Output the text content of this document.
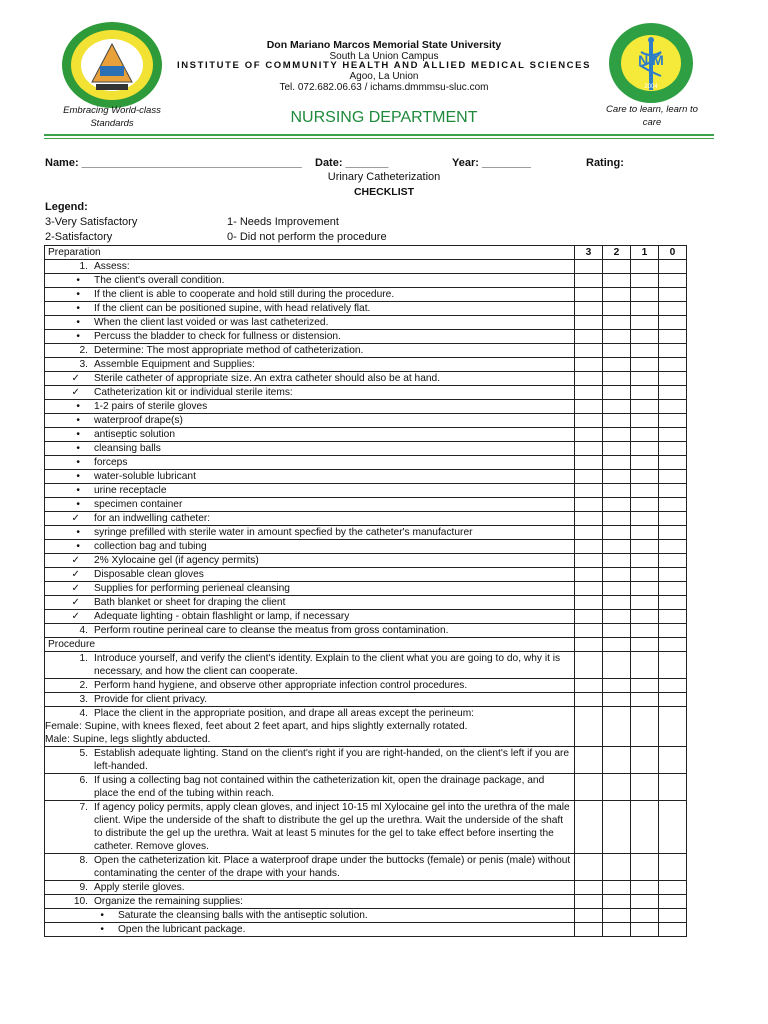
Embracing World-class Standards
N M
2004
Care to learn, learn to care
Don Mariano Marcos Memorial State University
South La Union Campus
INSTITUTE OF COMMUNITY HEALTH AND ALLIED MEDICAL SCIENCES
Agoo, La Union
Tel. 072.682.06.63 / ichams.dmmmsu-sluc.com
NURSING DEPARTMENT
Name: ____________________________________ Date: _______	Year: ________	Rating:
Urinary Catheterization
CHECKLIST
Legend:
3-Very Satisfactory	1- Needs Improvement
2-Satisfactory	0- Did not perform the procedure
Preparation	3	2	1	0

1. Assess:				

• The client's overall condition.				

• If the client is able to cooperate and hold still during the procedure.				

• If the client can be positioned supine, with head relatively flat.				

• When the client last voided or was last catheterized.				

• Percuss the bladder to check for fullness or distension.				

2. Determine: The most appropriate method of catheterization.				

3. Assemble Equipment and Supplies:				

✓ Sterile catheter of appropriate size. An extra catheter should also be at hand.				

✓ Catheterization kit or individual sterile items:				

• 1-2 pairs of sterile gloves				

• waterproof drape(s)				

• antiseptic solution				

• cleansing balls				

• forceps				

• water-soluble lubricant				

• urine receptacle				

• specimen container				

✓ for an indwelling catheter:				

• syringe prefilled with sterile water in amount specfied by the catheter's manufacturer				

• collection bag and tubing				

✓ 2% Xylocaine gel (if agency permits)				

✓ Disposable clean gloves				

✓ Supplies for performing perieneal cleansing				

✓ Bath blanket or sheet for draping the client				

✓ Adequate lighting - obtain flashlight or lamp, if necessary				

4. Perform routine perineal care to cleanse the meatus from gross contamination.				

Procedure				

1. Introduce yourself, and verify the client's identity. Explain to the client what you are going to do, why it is necessary, and how the client can cooperate.				

2. Perform hand hygiene, and observe other appropriate infection control procedures.				

3. Provide for client privacy.				

4. Place the client in the appropriate position, and drape all areas except the perineum:
Female: Supine, with knees flexed, feet about 2 feet apart, and hips slightly externally rotated.
Male: Supine, legs slightly abducted.				

5. Establish adequate lighting. Stand on the client's right if you are right-handed, on the client's left if you are left-handed.				

6. If using a collecting bag not contained within the catheterization kit, open the drainage package, and place the end of the tubing within reach.				

7. If agency policy permits, apply clean gloves, and inject 10-15 ml Xylocaine gel into the urethra of the male client. Wipe the underside of the shaft to distribute the gel up the urethra. Wait the underside of the shaft to distribute the gel up the urethra. Wait at least 5 minutes for the gel to take effect before inserting the catheter. Remove gloves.				

8. Open the catheterization kit. Place a waterproof drape under the buttocks (female) or penis (male) without contaminating the center of the drape with your hands.				

9. Apply sterile gloves.				

10. Organize the remaining supplies:				

• Saturate the cleansing balls with the antiseptic solution.				

• Open the lubricant package.				
